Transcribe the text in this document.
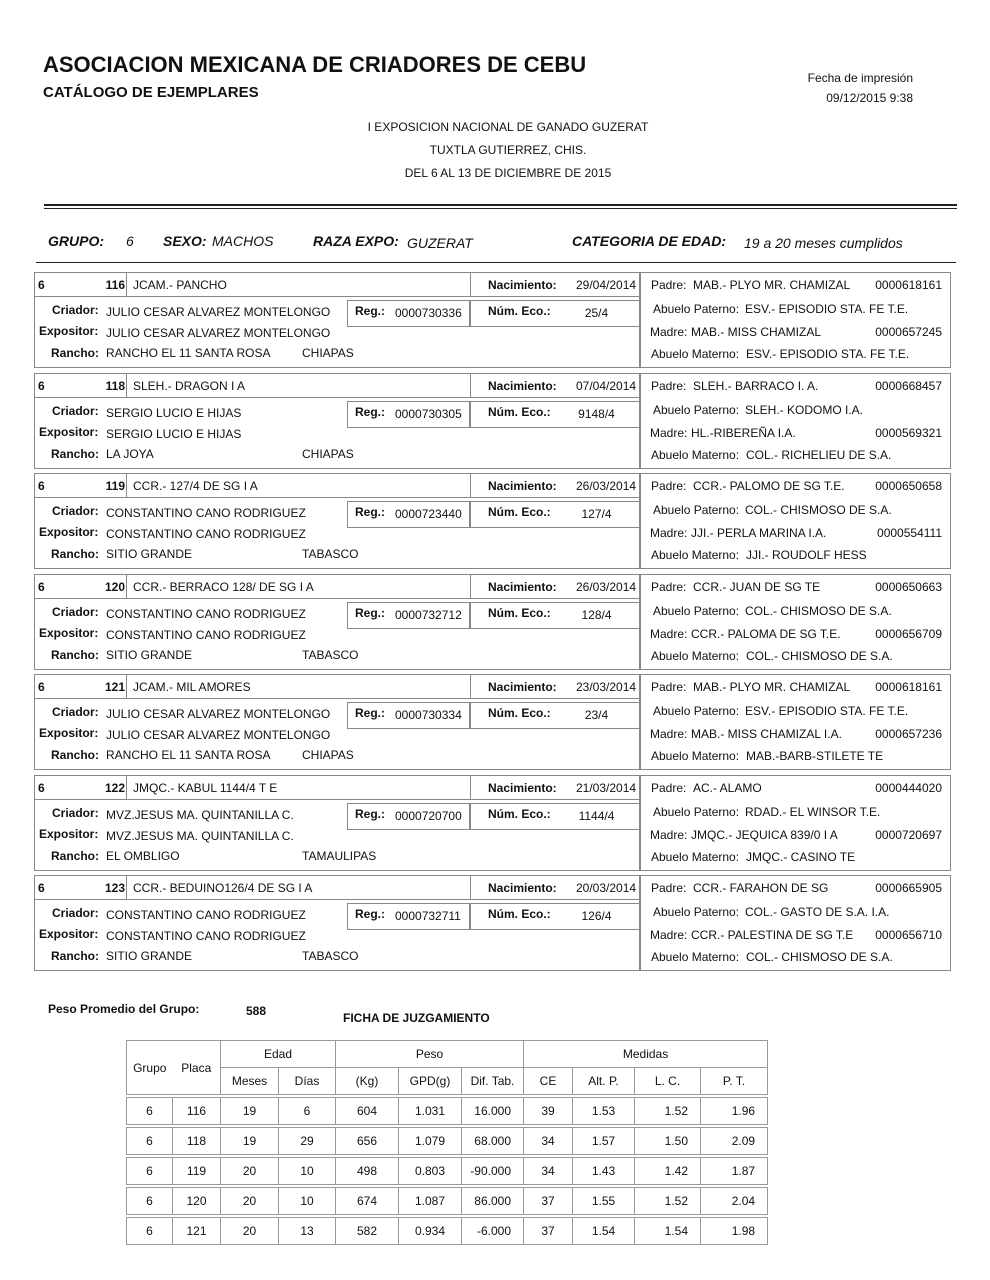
ASOCIACION MEXICANA DE CRIADORES DE CEBU
CATÁLOGO DE EJEMPLARES
Fecha de impresión
09/12/2015 9:38
I EXPOSICION NACIONAL DE GANADO GUZERAT
TUXTLA GUTIERREZ, CHIS.
DEL 6 AL 13 DE DICIEMBRE DE 2015
GRUPO: 6 SEXO: MACHOS	RAZA EXPO: GUZERAT	CATEGORIA DE EDAD: 19 a 20 meses cumplidos
6	116 JCAM.- PANCHO	Nacimiento: 29/04/2014
Criador: JULIO CESAR ALVAREZ MONTELONGO	Reg.: 0000730336 Núm. Eco.:	25/4
Expositor: JULIO CESAR ALVAREZ MONTELONGO
Rancho: RANCHO EL 11 SANTA ROSA	CHIAPAS
Padre: MAB.- PLYO MR. CHAMIZAL	0000618161
Abuelo Paterno: ESV.- EPISODIO STA. FE T.E.
Madre: MAB.- MISS CHAMIZAL	0000657245
Abuelo Materno: ESV.- EPISODIO STA. FE T.E.
6	118 SLEH.- DRAGON I A	Nacimiento: 07/04/2014
Criador: SERGIO LUCIO E HIJAS	Reg.: 0000730305 Núm. Eco.:	9148/4
Expositor: SERGIO LUCIO E HIJAS
Rancho: LA JOYA	CHIAPAS
Padre: SLEH.- BARRACO I. A.	0000668457
Abuelo Paterno: SLEH.- KODOMO I.A.
Madre: HL.-RIBEREÑA I.A.	0000569321
Abuelo Materno: COL.- RICHELIEU DE S.A.
6	119 CCR.- 127/4 DE SG I A	Nacimiento: 26/03/2014
Criador: CONSTANTINO CANO RODRIGUEZ	Reg.: 0000723440 Núm. Eco.:	127/4
Expositor: CONSTANTINO CANO RODRIGUEZ
Rancho: SITIO GRANDE	TABASCO
Padre: CCR.- PALOMO DE SG T.E.	0000650658
Abuelo Paterno: COL.- CHISMOSO DE S.A.
Madre: JJI.- PERLA MARINA I.A.	0000554111
Abuelo Materno: JJI.- ROUDOLF HESS
6	120 CCR.- BERRACO 128/ DE SG I A	Nacimiento: 26/03/2014
Criador: CONSTANTINO CANO RODRIGUEZ	Reg.: 0000732712 Núm. Eco.:	128/4
Expositor: CONSTANTINO CANO RODRIGUEZ
Rancho: SITIO GRANDE	TABASCO
Padre: CCR.- JUAN DE SG TE	0000650663
Abuelo Paterno: COL.- CHISMOSO DE S.A.
Madre: CCR.- PALOMA DE SG T.E.	0000656709
Abuelo Materno: COL.- CHISMOSO DE S.A.
6	121 JCAM.- MIL AMORES	Nacimiento: 23/03/2014
Criador: JULIO CESAR ALVAREZ MONTELONGO	Reg.: 0000730334 Núm. Eco.:	23/4
Expositor: JULIO CESAR ALVAREZ MONTELONGO
Rancho: RANCHO EL 11 SANTA ROSA	CHIAPAS
Padre: MAB.- PLYO MR. CHAMIZAL	0000618161
Abuelo Paterno: ESV.- EPISODIO STA. FE T.E.
Madre: MAB.- MISS CHAMIZAL I.A.	0000657236
Abuelo Materno: MAB.-BARB-STILETE TE
6	122 JMQC.- KABUL 1144/4 T E	Nacimiento: 21/03/2014
Criador: MVZ.JESUS MA. QUINTANILLA C.	Reg.: 0000720700 Núm. Eco.:	1144/4
Expositor: MVZ.JESUS MA. QUINTANILLA C.
Rancho: EL OMBLIGO	TAMAULIPAS
Padre: AC.- ALAMO	0000444020
Abuelo Paterno: RDAD.- EL WINSOR T.E.
Madre: JMQC.- JEQUICA 839/0 I A	0000720697
Abuelo Materno: JMQC.- CASINO TE
6	123 CCR.- BEDUINO126/4 DE SG I A	Nacimiento: 20/03/2014
Criador: CONSTANTINO CANO RODRIGUEZ	Reg.: 0000732711 Núm. Eco.:	126/4
Expositor: CONSTANTINO CANO RODRIGUEZ
Rancho: SITIO GRANDE	TABASCO
Padre: CCR.- FARAHON DE SG	0000665905
Abuelo Paterno: COL.- GASTO DE S.A. I.A.
Madre: CCR.- PALESTINA DE SG T.E	0000656710
Abuelo Materno: COL.- CHISMOSO DE S.A.
Peso Promedio del Grupo:	588	FICHA DE JUZGAMIENTO
Grupo	Placa	Edad		Peso			Medidas			
		Meses	Días	(Kg)	GPD(g)	Dif. Tab.	CE	Alt. P.	L. C.	P. T.

6	116	19	6	604	1.031	16.000	39	1.53	1.52	1.96

6	118	19	29	656	1.079	68.000	34	1.57	1.50	2.09

6	119	20	10	498	0.803	-90.000	34	1.43	1.42	1.87

6	120	20	10	674	1.087	86.000	37	1.55	1.52	2.04

6	121	20	13	582	0.934	-6.000	37	1.54	1.54	1.98
